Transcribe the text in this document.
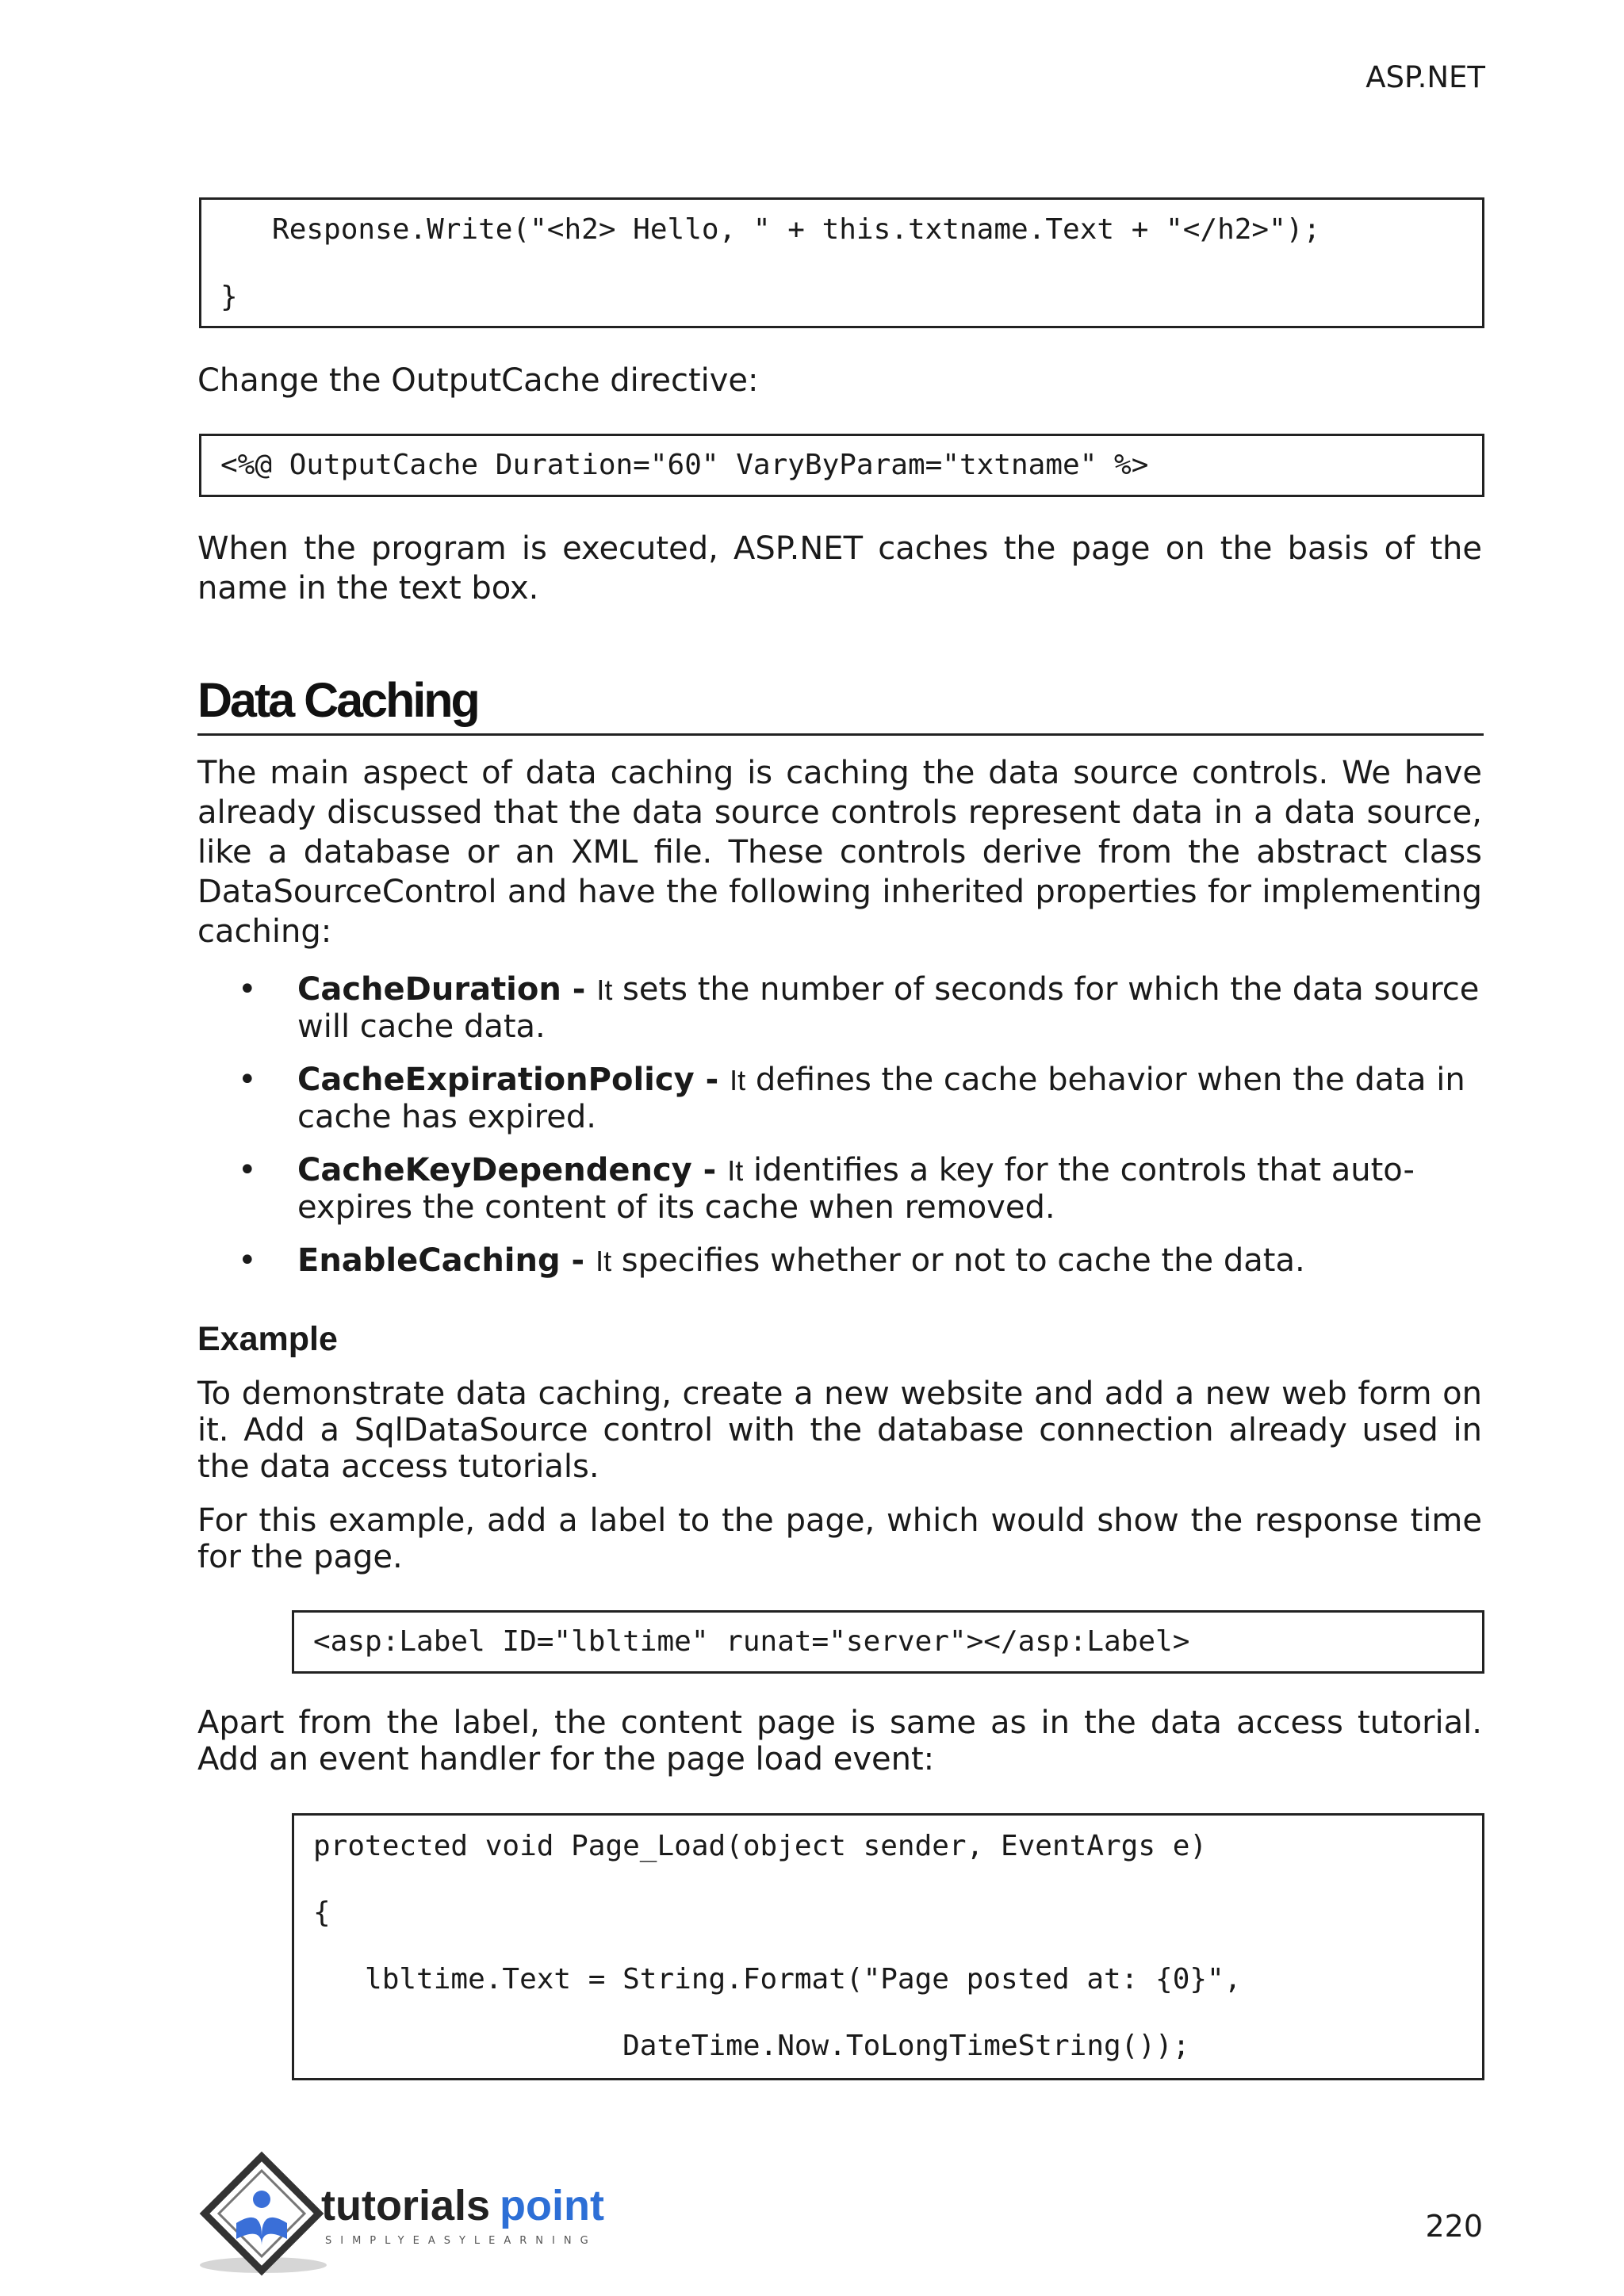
ASP.NET

Response.Write("<h2> Hello, " + this.txtname.Text + "</h2>");

}

Change the OutputCache directive:

<%@ OutputCache Duration="60" VaryByParam="txtname" %>

When the program is executed, ASP.NET caches the page on the basis of the name in the text box.

Data Caching

The main aspect of data caching is caching the data source controls. We have already discussed that the data source controls represent data in a data source, like a database or an XML file. These controls derive from the abstract class DataSourceControl and have the following inherited properties for implementing caching:

• CacheDuration - It sets the number of seconds for which the data source will cache data.
• CacheExpirationPolicy - It defines the cache behavior when the data in cache has expired.
• CacheKeyDependency - It identifies a key for the controls that auto-expires the content of its cache when removed.
• EnableCaching - It specifies whether or not to cache the data.
Example

To demonstrate data caching, create a new website and add a new web form on it. Add a SqlDataSource control with the database connection already used in the data access tutorials.

For this example, add a label to the page, which would show the response time for the page.

<asp:Label ID="lbltime" runat="server"></asp:Label>

Apart from the label, the content page is same as in the data access tutorial. Add an event handler for the page load event:

protected void Page_Load(object sender, EventArgs e)

{

lbltime.Text = String.Format("Page posted at: {0}",

DateTime.Now.ToLongTimeString());

tutorials point
SIMPLYEASYLEARNING	220
